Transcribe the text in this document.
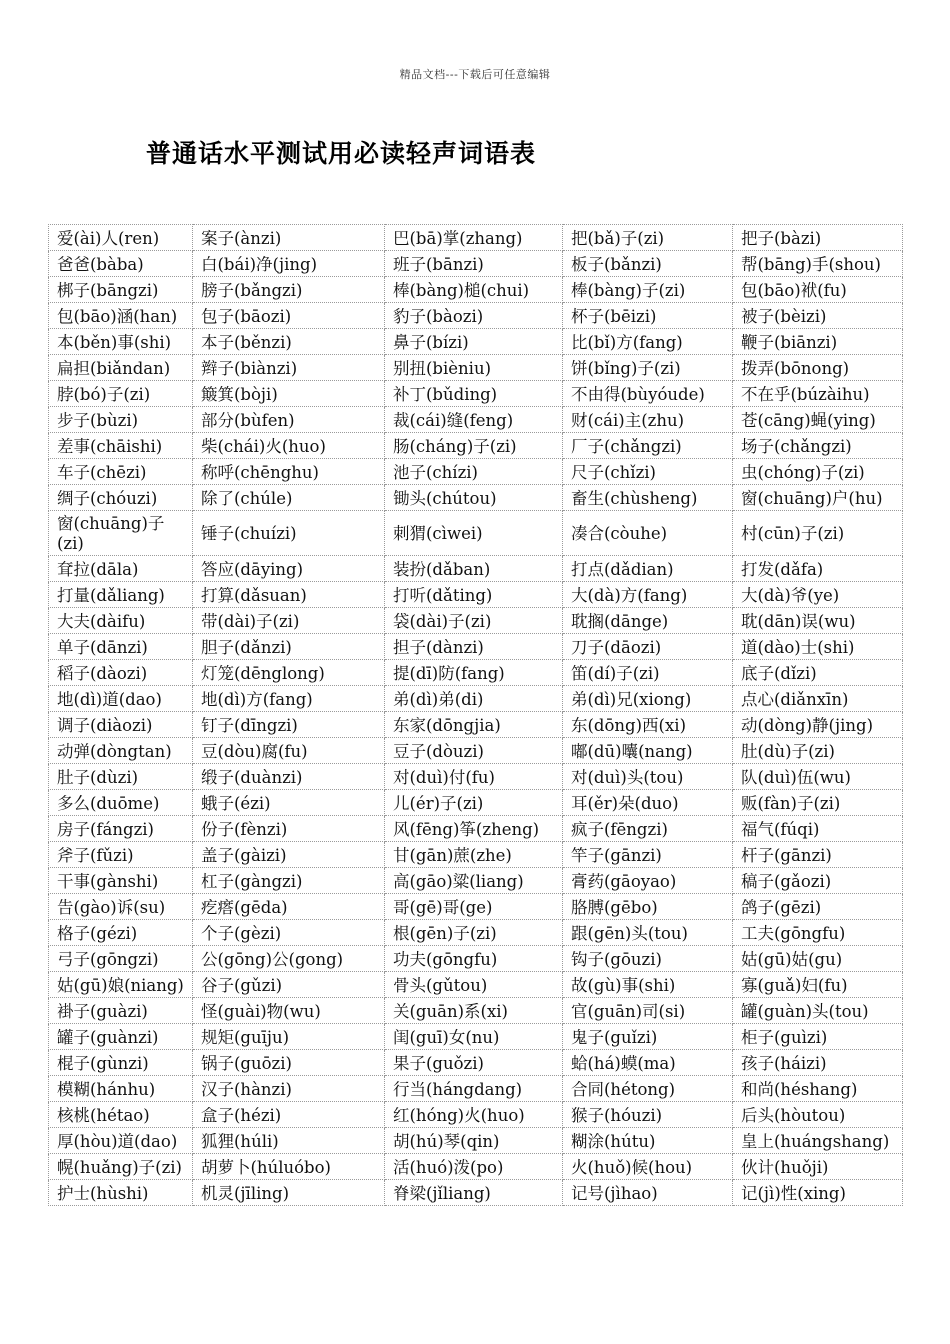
精品文档---下载后可任意编辑
普通话水平测试用必读轻声词语表
爱(ài)人(ren)	案子(ànzi)	巴(bā)掌(zhang)	把(bǎ)子(zi)	把子(bàzi)
爸爸(bàba)	白(bái)净(jing)	班子(bānzi)	板子(bǎnzi)	帮(bāng)手(shou)
梆子(bāngzi)	膀子(bǎngzi)	棒(bàng)槌(chui)	棒(bàng)子(zi)	包(bāo)袱(fu)
包(bāo)涵(han)	包子(bāozi)	豹子(bàozi)	杯子(bēizi)	被子(bèizi)
本(běn)事(shi)	本子(běnzi)	鼻子(bízi)	比(bǐ)方(fang)	鞭子(biānzi)
扁担(biǎndan)	辫子(biànzi)	别扭(bièniu)	饼(bǐng)子(zi)	拨弄(bōnong)
脖(bó)子(zi)	簸箕(bòji)	补丁(bǔding)	不由得(bùyóude)	不在乎(búzàihu)
步子(bùzi)	部分(bùfen)	裁(cái)缝(feng)	财(cái)主(zhu)	苍(cāng)蝇(ying)
差事(chāishi)	柴(chái)火(huo)	肠(cháng)子(zi)	厂子(chǎngzi)	场子(chǎngzi)
车子(chēzi)	称呼(chēnghu)	池子(chízi)	尺子(chǐzi)	虫(chóng)子(zi)
绸子(chóuzi)	除了(chúle)	锄头(chútou)	畜生(chùsheng)	窗(chuāng)户(hu)
窗(chuāng)子(zi)	锤子(chuízi)	刺猬(cìwei)	凑合(còuhe)	村(cūn)子(zi)
耷拉(dāla)	答应(dāying)	装扮(dǎban)	打点(dǎdian)	打发(dǎfa)
打量(dǎliang)	打算(dǎsuan)	打听(dǎting)	大(dà)方(fang)	大(dà)爷(ye)
大夫(dàifu)	带(dài)子(zi)	袋(dài)子(zi)	耽搁(dānge)	耽(dān)误(wu)
单子(dānzi)	胆子(dǎnzi)	担子(dànzi)	刀子(dāozi)	道(dào)士(shi)
稻子(dàozi)	灯笼(dēnglong)	提(dī)防(fang)	笛(dí)子(zi)	底子(dǐzi)
地(dì)道(dao)	地(dì)方(fang)	弟(dì)弟(di)	弟(dì)兄(xiong)	点心(diǎnxīn)
调子(diàozi)	钉子(dīngzi)	东家(dōngjia)	东(dōng)西(xi)	动(dòng)静(jing)
动弹(dòngtan)	豆(dòu)腐(fu)	豆子(dòuzi)	嘟(dū)囔(nang)	肚(dù)子(zi)
肚子(dùzi)	缎子(duànzi)	对(duì)付(fu)	对(duì)头(tou)	队(duì)伍(wu)
多么(duōme)	蛾子(ézi)	儿(ér)子(zi)	耳(ěr)朵(duo)	贩(fàn)子(zi)
房子(fángzi)	份子(fènzi)	风(fēng)筝(zheng)	疯子(fēngzi)	福气(fúqi)
斧子(fǔzi)	盖子(gàizi)	甘(gān)蔗(zhe)	竿子(gānzi)	杆子(gānzi)
干事(gànshi)	杠子(gàngzi)	高(gāo)粱(liang)	膏药(gāoyao)	稿子(gǎozi)
告(gào)诉(su)	疙瘩(gēda)	哥(gē)哥(ge)	胳膊(gēbo)	鸽子(gēzi)
格子(gézi)	个子(gèzi)	根(gēn)子(zi)	跟(gēn)头(tou)	工夫(gōngfu)
弓子(gōngzi)	公(gōng)公(gong)	功夫(gōngfu)	钩子(gōuzi)	姑(gū)姑(gu)
姑(gū)娘(niang)	谷子(gǔzi)	骨头(gǔtou)	故(gù)事(shi)	寡(guǎ)妇(fu)
褂子(guàzi)	怪(guài)物(wu)	关(guān)系(xi)	官(guān)司(si)	罐(guàn)头(tou)
罐子(guànzi)	规矩(guīju)	闺(guī)女(nu)	鬼子(guǐzi)	柜子(guìzi)
棍子(gùnzi)	锅子(guōzi)	果子(guǒzi)	蛤(há)蟆(ma)	孩子(háizi)
模糊(hánhu)	汉子(hànzi)	行当(hángdang)	合同(hétong)	和尚(héshang)
核桃(hétao)	盒子(hézi)	红(hóng)火(huo)	猴子(hóuzi)	后头(hòutou)
厚(hòu)道(dao)	狐狸(húli)	胡(hú)琴(qin)	糊涂(hútu)	皇上(huángshang)
幌(huǎng)子(zi)	胡萝卜(húluóbo)	活(huó)泼(po)	火(huǒ)候(hou)	伙计(huǒji)
护士(hùshi)	机灵(jīling)	脊梁(jǐliang)	记号(jìhao)	记(jì)性(xing)
